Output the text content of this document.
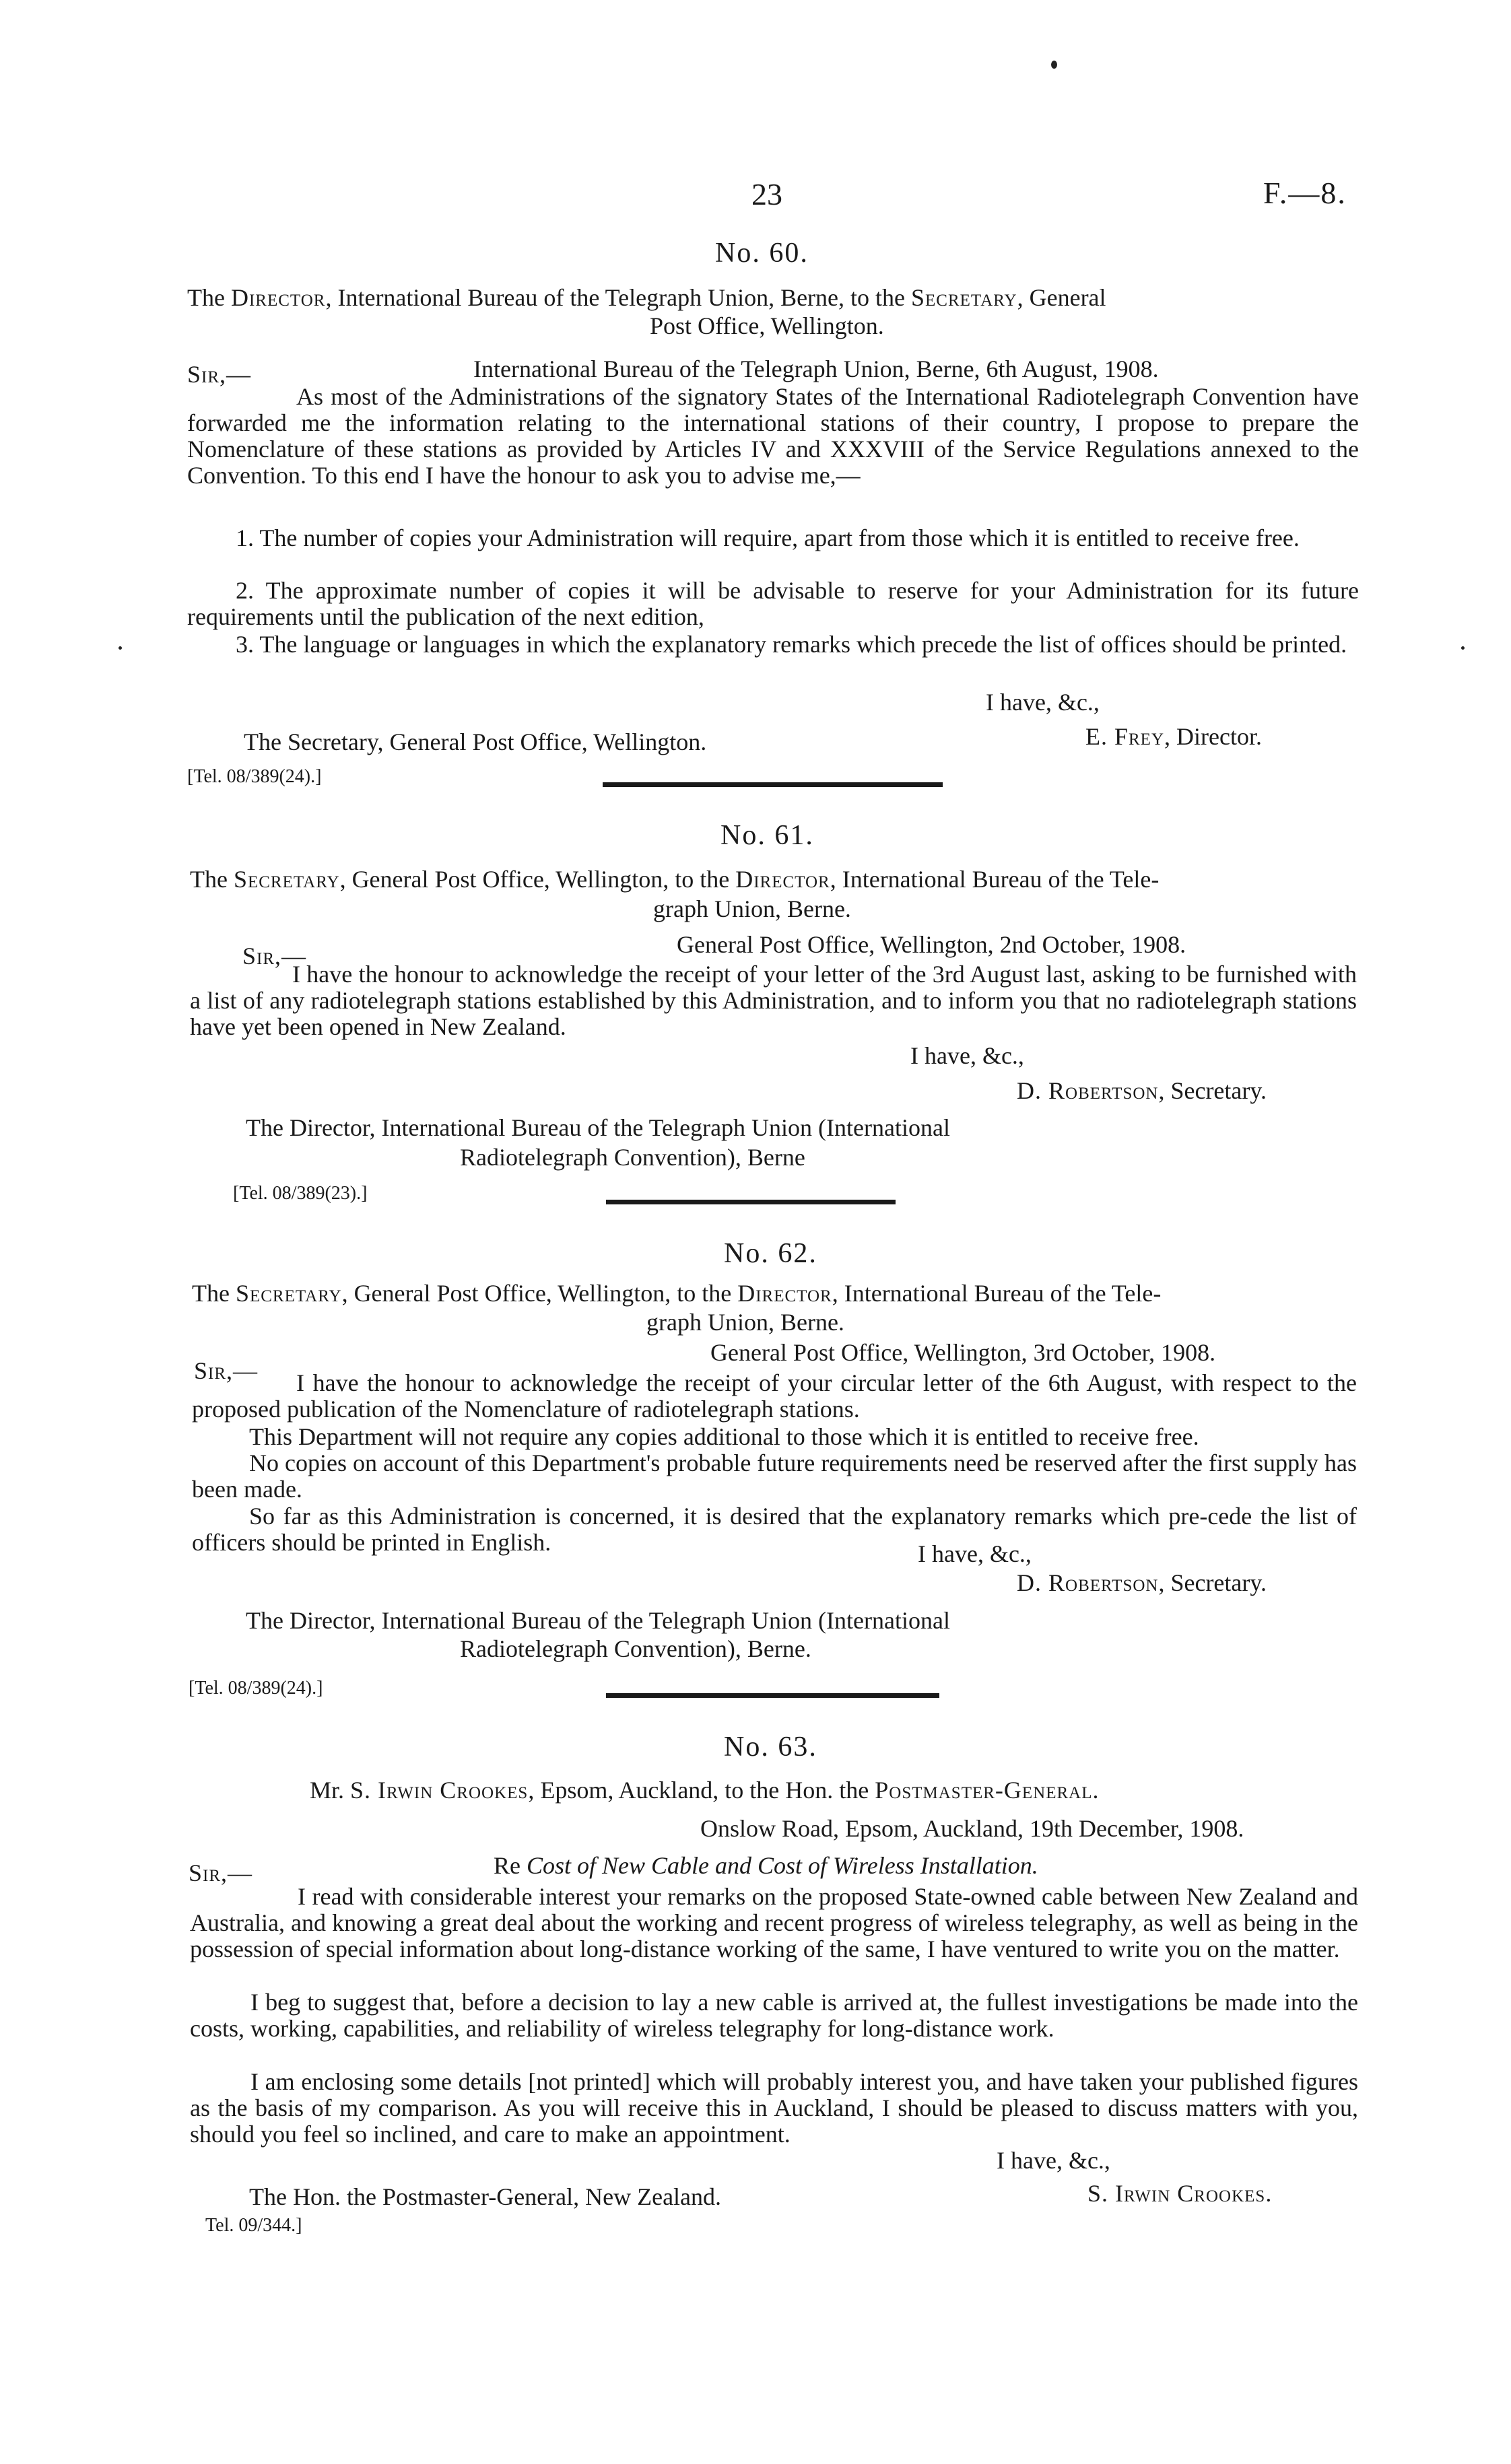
23	F.—8.
No. 60.
The Director, International Bureau of the Telegraph Union, Berne, to the Secretary, General
Post Office, Wellington.
Sir,—	International Bureau of the Telegraph Union, Berne, 6th August, 1908.
As most of the Administrations of the signatory States of the International Radiotelegraph Convention have forwarded me the information relating to the international stations of their country, I propose to prepare the Nomenclature of these stations as provided by Articles IV and XXXVIII of the Service Regulations annexed to the Convention. To this end I have the honour to ask you to advise me,—
1. The number of copies your Administration will require, apart from those which it is entitled to receive free.
2. The approximate number of copies it will be advisable to reserve for your Administration for its future requirements until the publication of the next edition,
3. The language or languages in which the explanatory remarks which precede the list of offices should be printed.
I have, &c.,
The Secretary, General Post Office, Wellington.	E. Frey, Director.
[Tel. 08/389(24).]
No. 61.
The Secretary, General Post Office, Wellington, to the Director, International Bureau of the Tele-
graph Union, Berne.
Sir,—	General Post Office, Wellington, 2nd October, 1908.
I have the honour to acknowledge the receipt of your letter of the 3rd August last, asking to be furnished with a list of any radiotelegraph stations established by this Administration, and to inform you that no radiotelegraph stations have yet been opened in New Zealand.
I have, &c.,
D. Robertson, Secretary.
The Director, International Bureau of the Telegraph Union (International
Radiotelegraph Convention), Berne
[Tel. 08/389(23).]
No. 62.
The Secretary, General Post Office, Wellington, to the Director, International Bureau of the Tele-
graph Union, Berne.
Sir,—
General Post Office, Wellington, 3rd October, 1908.
I have the honour to acknowledge the receipt of your circular letter of the 6th August, with respect to the proposed publication of the Nomenclature of radiotelegraph stations.
This Department will not require any copies additional to those which it is entitled to receive free.
No copies on account of this Department's probable future requirements need be reserved after the first supply has been made.
So far as this Administration is concerned, it is desired that the explanatory remarks which pre-cede the list of officers should be printed in English.	I have, &c.,
D. Robertson, Secretary.
The Director, International Bureau of the Telegraph Union (International
Radiotelegraph Convention), Berne.
[Tel. 08/389(24).]
No. 63.
Mr. S. Irwin Crookes, Epsom, Auckland, to the Hon. the Postmaster-General.
Onslow Road, Epsom, Auckland, 19th December, 1908.
Sir,—	Re Cost of New Cable and Cost of Wireless Installation.
I read with considerable interest your remarks on the proposed State-owned cable between New Zealand and Australia, and knowing a great deal about the working and recent progress of wireless telegraphy, as well as being in the possession of special information about long-distance working of the same, I have ventured to write you on the matter.
I beg to suggest that, before a decision to lay a new cable is arrived at, the fullest investigations be made into the costs, working, capabilities, and reliability of wireless telegraphy for long-distance work.
I am enclosing some details [not printed] which will probably interest you, and have taken your published figures as the basis of my comparison. As you will receive this in Auckland, I should be pleased to discuss matters with you, should you feel so inclined, and care to make an appointment.
I have, &c.,
The Hon. the Postmaster-General, New Zealand.	S. Irwin Crookes.
Tel. 09/344.]
